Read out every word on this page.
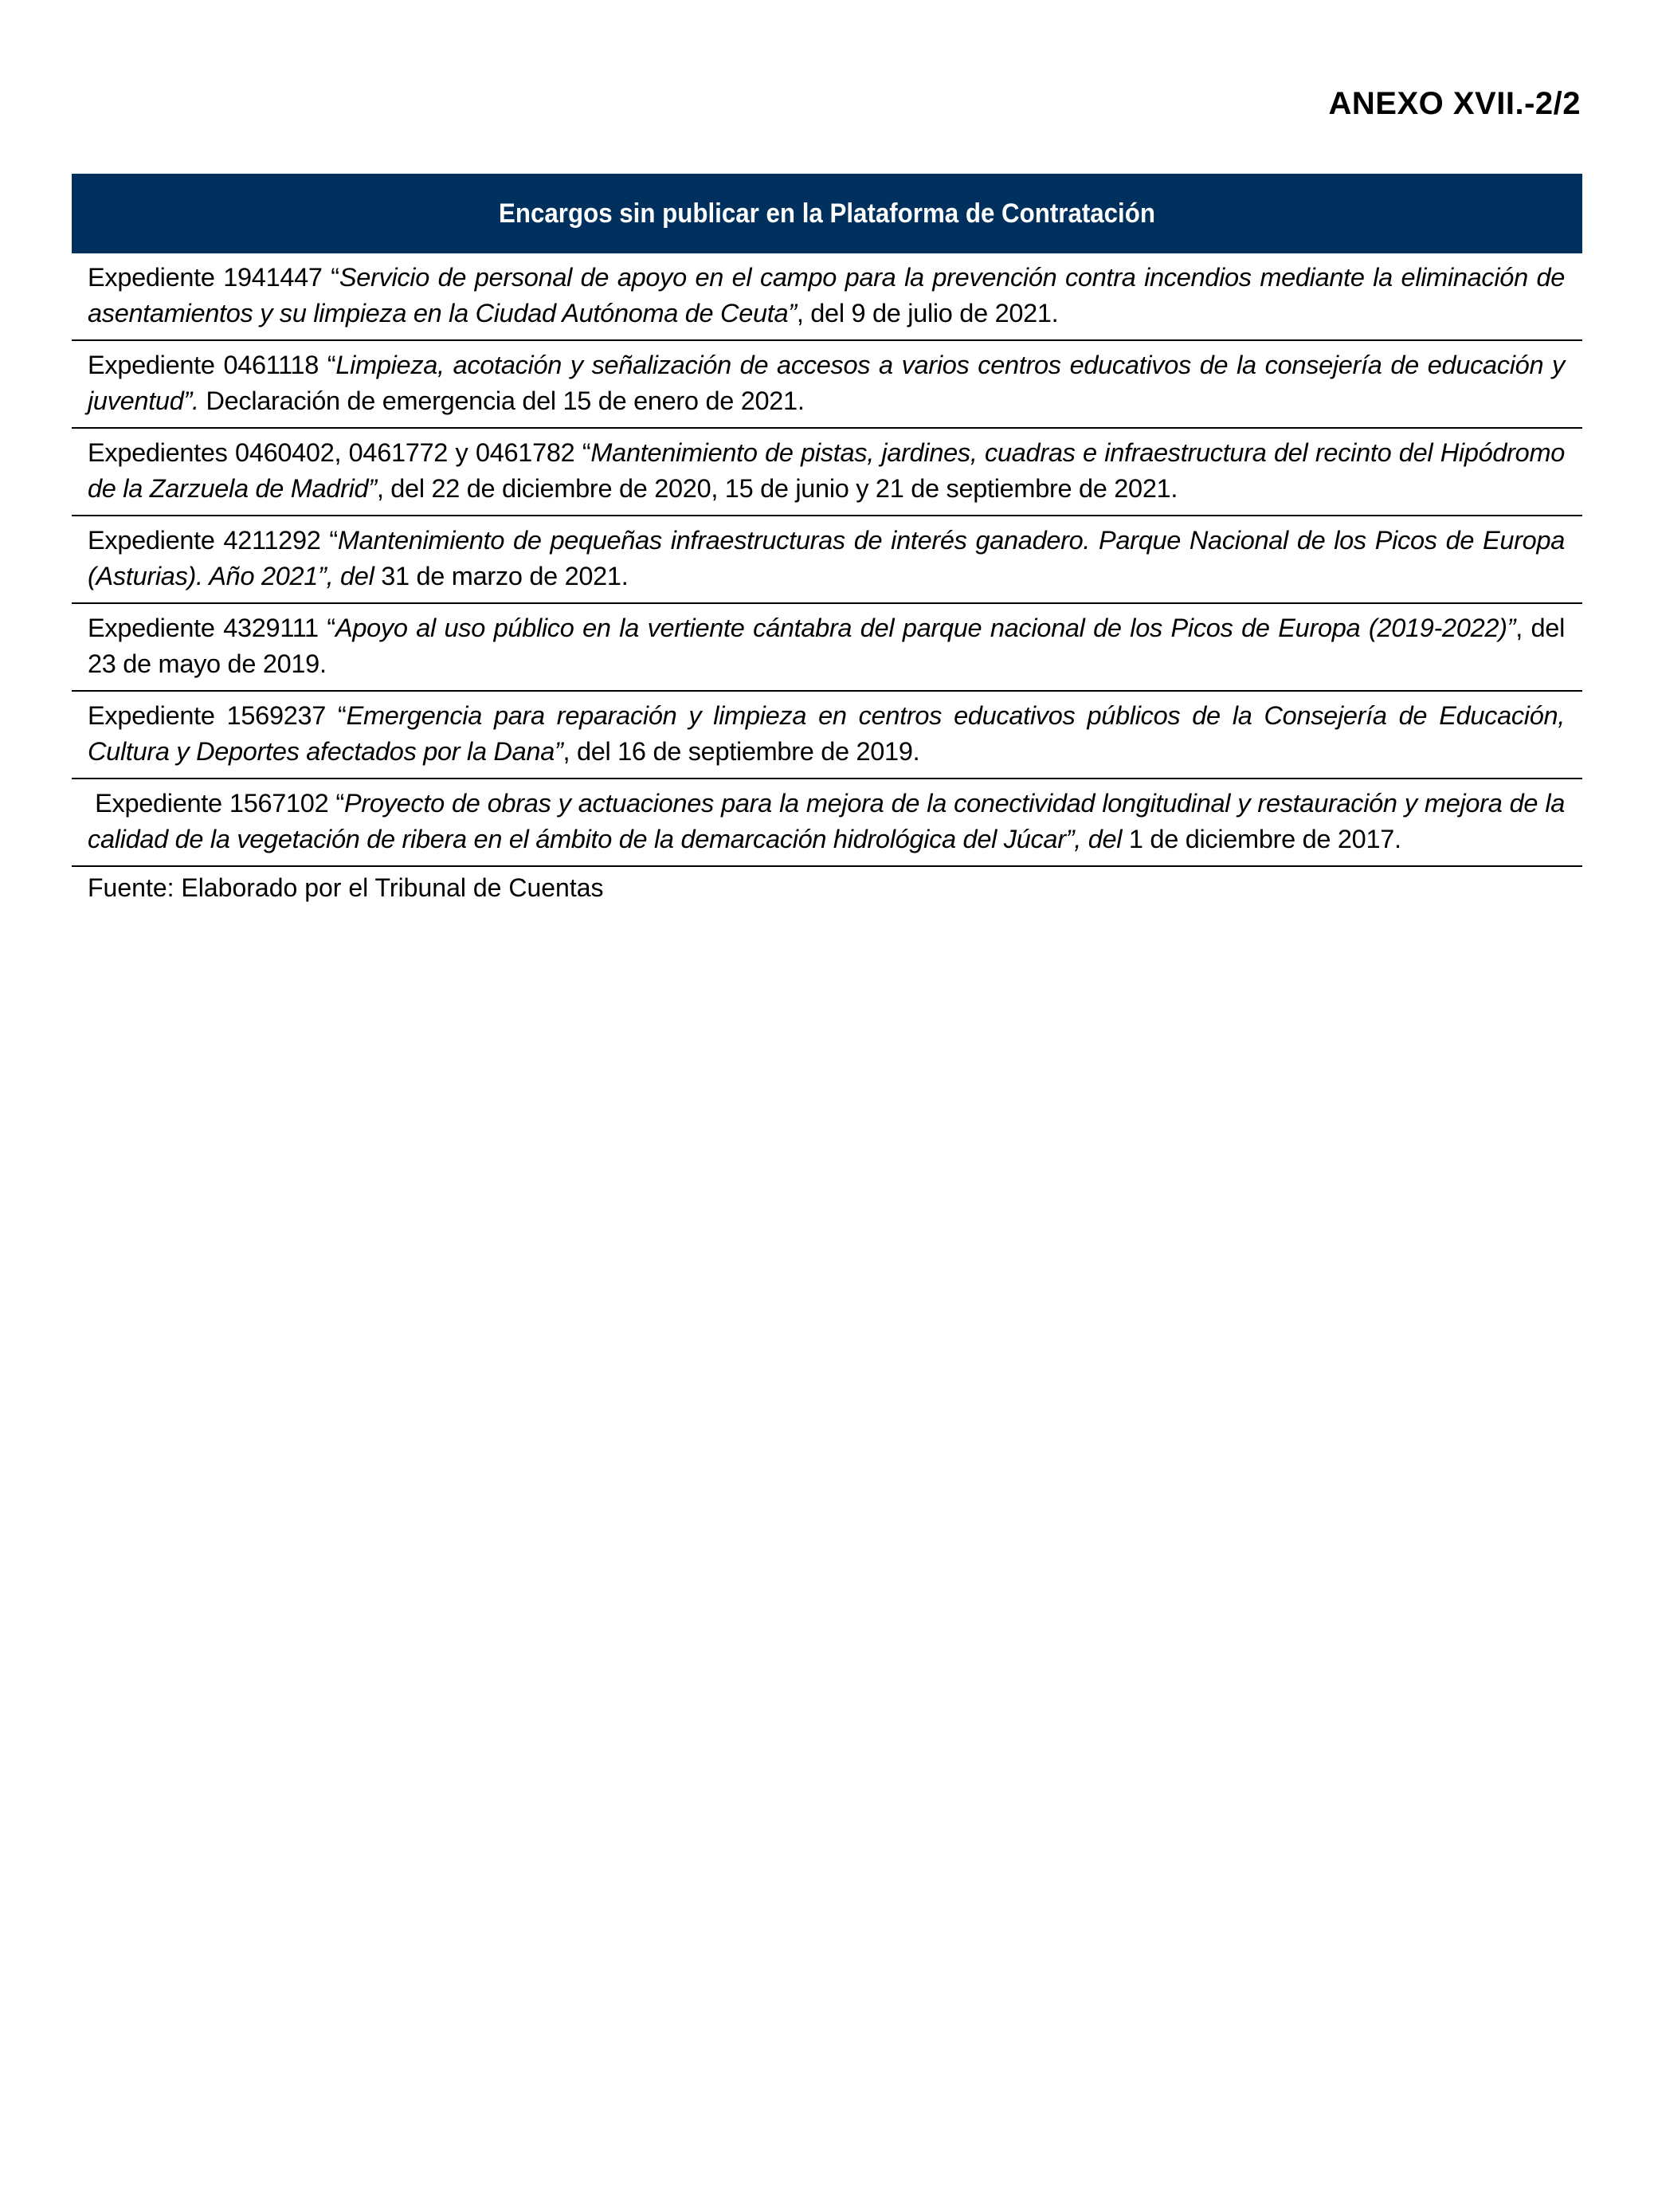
ANEXO XVII.-2/2
Encargos sin publicar en la Plataforma de Contratación
Expediente 1941447 “Servicio de personal de apoyo en el campo para la prevención contra incendios mediante la eliminación de asentamientos y su limpieza en la Ciudad Autónoma de Ceuta”, del 9 de julio de 2021.
Expediente 0461118 “Limpieza, acotación y señalización de accesos a varios centros educativos de la consejería de educación y juventud”. Declaración de emergencia del 15 de enero de 2021.
Expedientes 0460402, 0461772 y 0461782 “Mantenimiento de pistas, jardines, cuadras e infraestructura del recinto del Hipódromo de la Zarzuela de Madrid”, del 22 de diciembre de 2020, 15 de junio y 21 de septiembre de 2021.
Expediente 4211292 “Mantenimiento de pequeñas infraestructuras de interés ganadero. Parque Nacional de los Picos de Europa (Asturias). Año 2021”, del 31 de marzo de 2021.
Expediente 4329111 “Apoyo al uso público en la vertiente cántabra del parque nacional de los Picos de Europa (2019-2022)”, del 23 de mayo de 2019.
Expediente 1569237 “Emergencia para reparación y limpieza en centros educativos públicos de la Consejería de Educación, Cultura y Deportes afectados por la Dana”, del 16 de septiembre de 2019.
Expediente 1567102 “Proyecto de obras y actuaciones para la mejora de la conectividad longitudinal y restauración y mejora de la calidad de la vegetación de ribera en el ámbito de la demarcación hidrológica del Júcar”, del 1 de diciembre de 2017.
Fuente: Elaborado por el Tribunal de Cuentas
